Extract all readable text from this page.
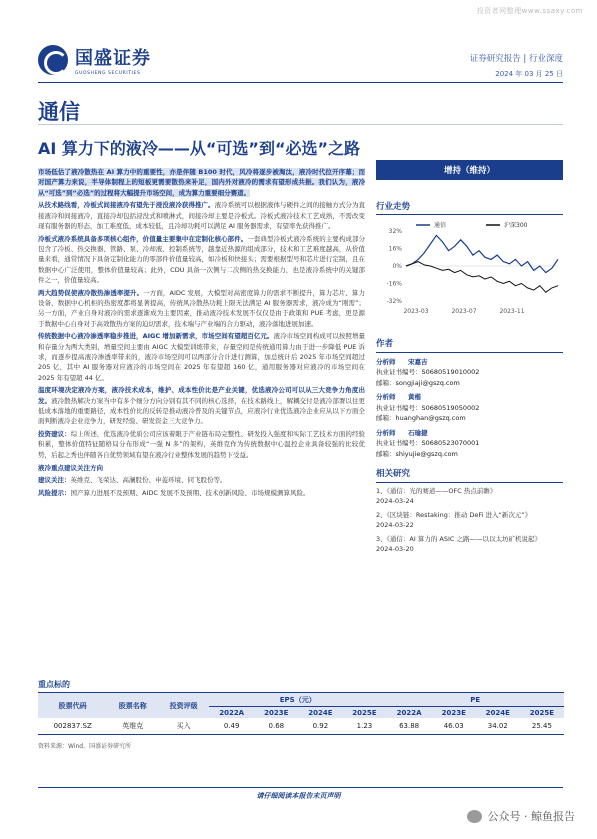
投资者网整理www.ssaxy.com
国盛证券
GUOSHENG SECURITIES
证券研究报告 | 行业深度
2024 年 03 月 25 日
通信
AI 算力下的液冷——从“可选”到“必选”之路

市场低估了液冷散热在 AI 算力中的重要性，亦是伴随 B100 时代，风冷将逐步被淘汰，液冷时代拉开序幕；而对国产算力来说，半导体制程上的短板更需要散热来补足，国内外对液冷的需求有望形成共振。我们认为，液冷从“可选”到“必选”的过程将大幅提升市场空间，成为算力重要细分赛道。

从技术路线看，冷板式间接液冷有望先于浸没液冷获得推广。液冷系统可以根据液体与硬件之间的接触方式分为直接液冷和间接液冷，直接冷却包括浸没式和喷淋式，间接冷却主要是冷板式。冷板式液冷技术工艺成熟，不需改变现有服务器的形态，加工难度低，成本较低，且冷却功耗可以满足 AI 服务器需求，有望率先获得推广。

冷板式液冷系统具备多项核心组件，价值量主要集中在定制化核心部件。一套典型冷板式液冷系统的主要构成部分包含了冷板、热交换器、管路、泵、冷却液、控制系统等，越靠近热源的组成部分，技术和工艺难度越高，从价值量来看，通常情况下具备定制化能力的零部件价值量较高，如冷板和快接头；需要根据型号和芯片进行定制，且在数据中心广泛使用，整体价值量较高；此外，CDU 具备一次侧与二次侧的热交换能力，也是液冷系统中的关键部件之一，价值量较高。

两大趋势促使液冷散热渗透率提升。一方面，AIDC 发展，大模型对高密度算力的需求不断提升，算力芯片、算力设备，数据中心机柜的热密度都将显著提高，传统风冷散热功耗上限无法满足 AI 服务器需求，液冷成为“刚需”；另一方面，产业自身对液冷的需求逐渐成为主要因素，推动液冷技术发展不仅仅是由于政策和 PUE 考虑，更是源于数据中心自身对于高效散热方案的迫切需求，技术端与产业端的合力驱动，液冷落地进展加速。

传统数据中心液冷渗透率稳步推进，AIGC 增加新需求，市场空间有望超百亿元。液冷市场空间构成可以按照增量和存量分为两大类别，增量空间主要由 AIGC 大模型训练带来，存量空间是传统通用算力由于进一步降低 PUE 诉求，而逐步提高液冷渗透率带来的，液冷市场空间可以两部分合计进行测算，加总统计后 2025 年市场空间超过 205 亿，其中 AI 服务器对应液冷的市场空间在 2025 年有望超 160 亿，通用服务器对应液冷的市场空间在 2025 年有望超 44 亿。

温度环境决定液冷方案，液冷技术成本，维护、成本性价比是产业关键，优选液冷公司可以从三大竞争力角度出发。液冷散热解决方案当中有多个细分方向分别有其不同的核心选择，在技术路线上，解耦交付是液冷部署以往更低成本落地的重要路径，成本性价比的反转是推动液冷普及的关键节点，应液冷行业优选液冷企业应从以下方面全面判断液冷企业竞争力，研发经验、研发资金三大竞争力。

投资建议：综上所述，优选液冷优质公司应该着眼于产业链布局完整性、研发投入强度和实际工艺技术方面的经验积累，整体价值特征随格局分布形成“一强 N 多”的架构，英维克作为传统数据中心温控企业具备较强的比较优势，后起之秀也伴随各自优势领域有望在液冷行业整体发展的趋势下受益。

液冷重点建议关注方向

建议关注：英维克、飞荣达、高澜股份、申菱环境、同飞股份等。

风险提示：国产算力进展不及预期、AIDC 发展不及预期、技术创新风险、市场规模测算风险。

增持（维持）
行业走势
32%
16%
0%
-16%
-32%
2023-03	2023-07	2023-11
通信	沪深300
作者
分析师	宋嘉吉
执业证书编号：S0680519010002
邮箱：songjiaji@gszq.com
分析师	黄楷
执业证书编号：S0680519050002
邮箱：huanghan@gszq.com
分析师	石瑜捷
执业证书编号：S0680523070001
邮箱：shiyujie@gszq.com
相关研究
1、《通信：光的赛道——OFC 热点前瞻》
2024-03-24
2、《区块链：Restaking：推动 DeFi 进入“新次元”》
2024-03-22
3、《通信：AI 算力的 ASIC 之路——以以太坊矿机说起》
2024-03-20
重点标的
股票代码	股票名称	投资评级	EPS（元）				PE			
			2022A	2023E	2024E	2025E	2022A	2023E	2024E	2025E
002837.SZ	英维克	买入	0.49	0.68	0.92	1.23	63.88	46.03	34.02	25.45
资料来源：Wind，国盛证券研究所
请仔细阅读本报告末页声明
公众号 · 鲸鱼报告
